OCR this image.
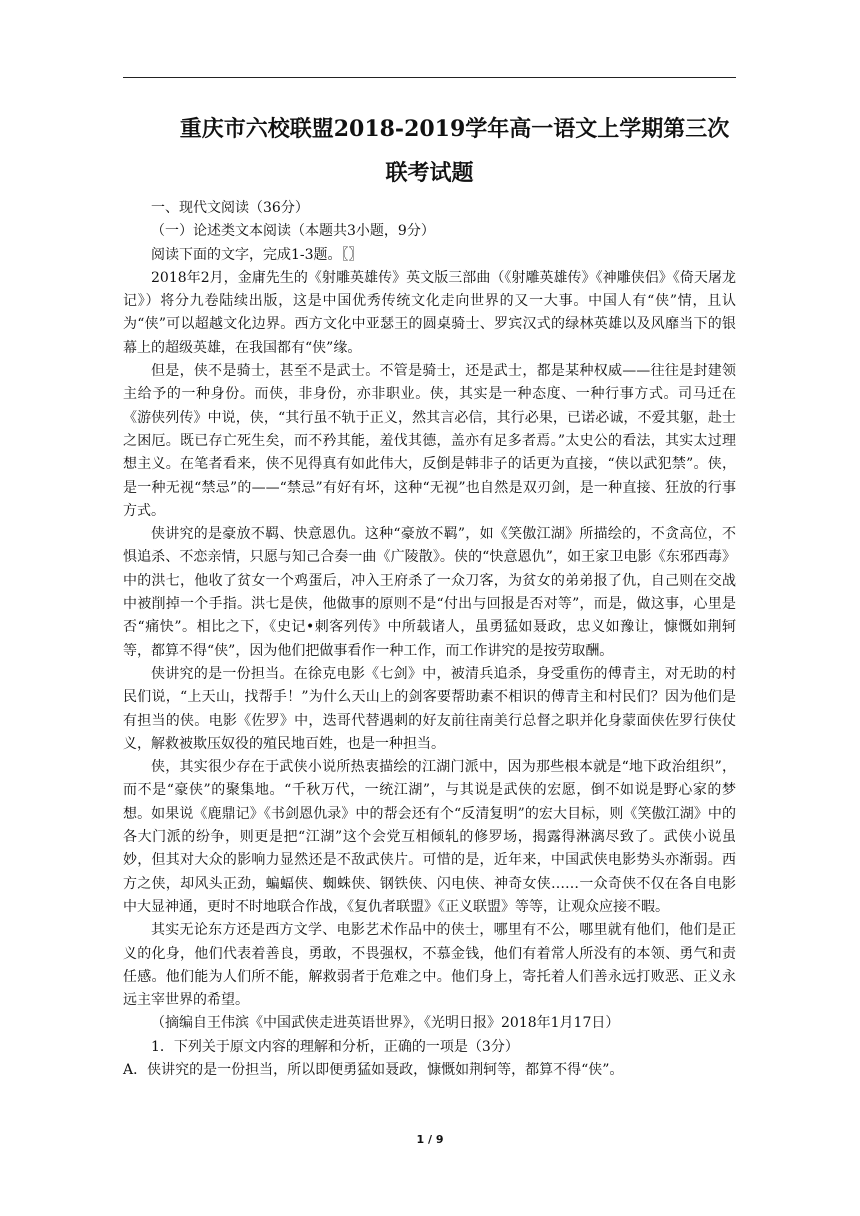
重庆市六校联盟2018-2019学年高一语文上学期第三次
联考试题

一、现代文阅读（36分）

（一）论述类文本阅读（本题共3小题，9分）

阅读下面的文字，完成1-3题。〖〗

2018年2月，金庸先生的《射雕英雄传》英文版三部曲（《射雕英雄传》《神雕侠侣》《倚天屠龙记》）将分九卷陆续出版，这是中国优秀传统文化走向世界的又一大事。中国人有“侠”情，且认为“侠”可以超越文化边界。西方文化中亚瑟王的圆桌骑士、罗宾汉式的绿林英雄以及风靡当下的银幕上的超级英雄，在我国都有“侠”缘。

但是，侠不是骑士，甚至不是武士。不管是骑士，还是武士，都是某种权威——往往是封建领主给予的一种身份。而侠，非身份，亦非职业。侠，其实是一种态度、一种行事方式。司马迁在《游侠列传》中说，侠，“其行虽不轨于正义，然其言必信，其行必果，已诺必诚，不爱其躯，赴士之困厄。既已存亡死生矣，而不矜其能，羞伐其德，盖亦有足多者焉。”太史公的看法，其实太过理想主义。在笔者看来，侠不见得真有如此伟大，反倒是韩非子的话更为直接，“侠以武犯禁”。侠，是一种无视“禁忌”的——“禁忌”有好有坏，这种“无视”也自然是双刃剑，是一种直接、狂放的行事方式。

侠讲究的是豪放不羁、快意恩仇。这种“豪放不羁”，如《笑傲江湖》所描绘的，不贪高位，不惧追杀、不恋亲情，只愿与知己合奏一曲《广陵散》。侠的“快意恩仇”，如王家卫电影《东邪西毒》中的洪七，他收了贫女一个鸡蛋后，冲入王府杀了一众刀客，为贫女的弟弟报了仇，自己则在交战中被削掉一个手指。洪七是侠，他做事的原则不是“付出与回报是否对等”，而是，做这事，心里是否“痛快”。相比之下，《史记•刺客列传》中所载诸人，虽勇猛如聂政，忠义如豫让，慷慨如荆轲等，都算不得“侠”，因为他们把做事看作一种工作，而工作讲究的是按劳取酬。

侠讲究的是一份担当。在徐克电影《七剑》中，被清兵追杀，身受重伤的傅青主，对无助的村民们说，“上天山，找帮手！”为什么天山上的剑客要帮助素不相识的傅青主和村民们？因为他们是有担当的侠。电影《佐罗》中，迭哥代替遇刺的好友前往南美行总督之职并化身蒙面侠佐罗行侠仗义，解救被欺压奴役的殖民地百姓，也是一种担当。

侠，其实很少存在于武侠小说所热衷描绘的江湖门派中，因为那些根本就是“地下政治组织”，而不是“豪侠”的聚集地。“千秋万代，一统江湖”，与其说是武侠的宏愿，倒不如说是野心家的梦想。如果说《鹿鼎记》《书剑恩仇录》中的帮会还有个“反清复明”的宏大目标，则《笑傲江湖》中的各大门派的纷争，则更是把“江湖”这个会党互相倾轧的修罗场，揭露得淋漓尽致了。武侠小说虽妙，但其对大众的影响力显然还是不敌武侠片。可惜的是，近年来，中国武侠电影势头亦渐弱。西方之侠，却风头正劲，蝙蝠侠、蜘蛛侠、钢铁侠、闪电侠、神奇女侠……一众奇侠不仅在各自电影中大显神通，更时不时地联合作战，《复仇者联盟》《正义联盟》等等，让观众应接不暇。

其实无论东方还是西方文学、电影艺术作品中的侠士，哪里有不公，哪里就有他们，他们是正义的化身，他们代表着善良，勇敢，不畏强权，不慕金钱，他们有着常人所没有的本领、勇气和责任感。他们能为人们所不能，解救弱者于危难之中。他们身上，寄托着人们善永远打败恶、正义永远主宰世界的希望。

（摘编自王伟滨《中国武侠走进英语世界》，《光明日报》2018年1月17日）

1．下列关于原文内容的理解和分析，正确的一项是（3分）

A．侠讲究的是一份担当，所以即便勇猛如聂政，慷慨如荆轲等，都算不得“侠”。

1 / 9
